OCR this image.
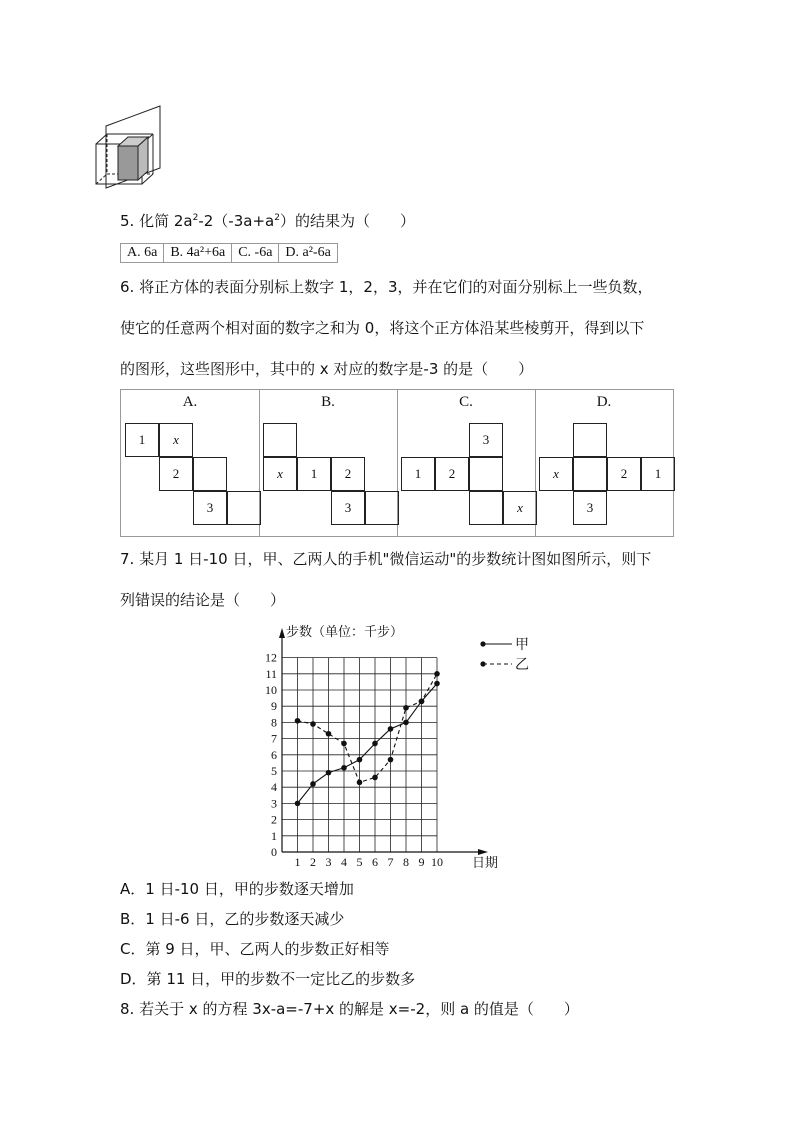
5. 化简 $2a^2-2(-3a+a^2)$的结果为（　　）
A. 6a B. 4a²+6a C. -6a D. a²-6a
6. 将正方体的表面分别标上数字 1，2，3，并在它们的对面分别标上一些负数，
使它的任意两个相对面的数字之和为 0，将这个正方体沿某些棱剪开，得到以下
的图形，这些图形中，其中的 x 对应的数字是-3 的是（　　）
A.
1	x
2
3
B.
x	1	2
3
C.
3
1	2
x
D.
x	2	1
3
7. 某月 1 日-10 日，甲、乙两人的手机"微信运动"的步数统计图如图所示，则下
列错误的结论是（　　）
步数（单位：千步）
日期
0
1
2
3
4
5
6
7
8
9
10
11
12
1 2 3 4 5 6 7 8 9 10
甲
乙
A．1 日-10 日，甲的步数逐天增加
B．1 日-6 日，乙的步数逐天减少
C．第 9 日，甲、乙两人的步数正好相等
D．第 11 日，甲的步数不一定比乙的步数多
8. 若关于 x 的方程 3x-a=-7+x 的解是 x=-2，则 a 的值是（　　）
